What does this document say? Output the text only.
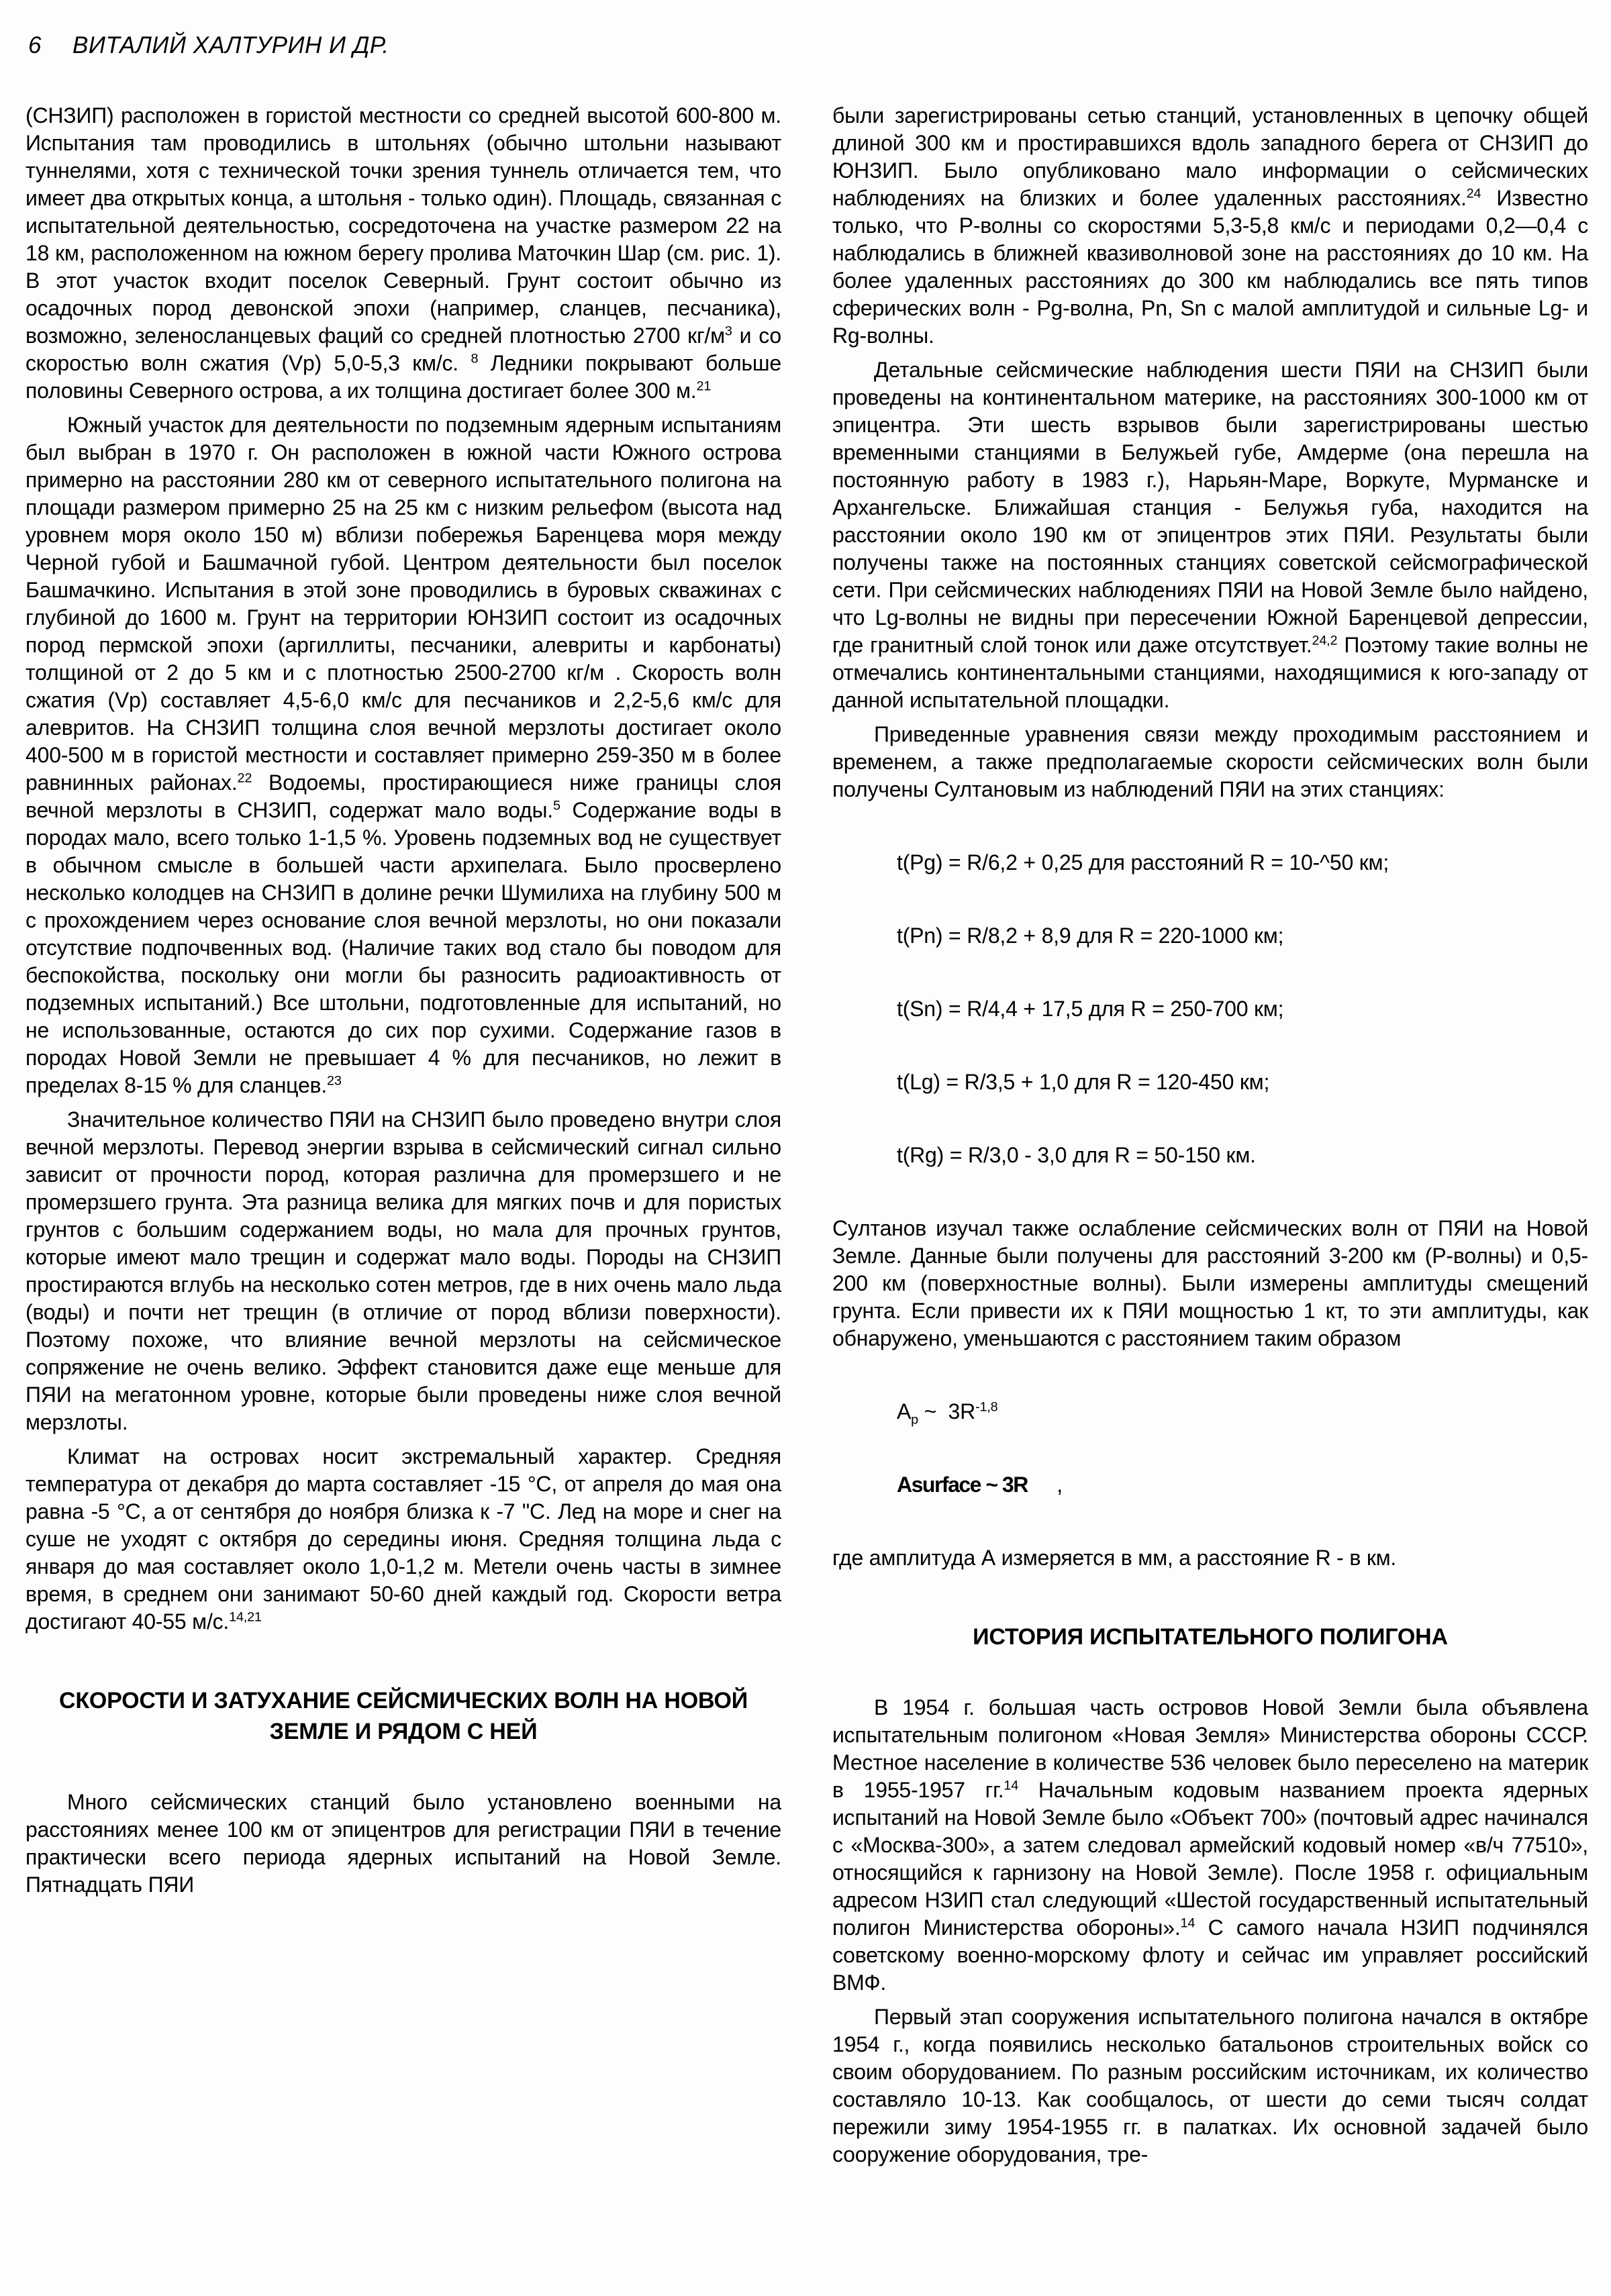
6 ВИТАЛИЙ ХАЛТУРИН И ДР.

(СНЗИП) расположен в гористой местности со средней высотой 600-800 м. Испытания там проводились в штольнях (обычно штольни называют туннелями, хотя с технической точки зрения туннель отличается тем, что имеет два открытых конца, а штольня - только один). Площадь, связанная с испытательной деятельностью, сосредоточена на участке размером 22 на 18 км, расположенном на южном берегу пролива Маточкин Шар (см. рис. 1). В этот участок входит поселок Северный. Грунт состоит обычно из осадочных пород девонской эпохи (например, сланцев, песчаника), возможно, зеленосланцевых фаций со средней плотностью 2700 $кг/м^3$ и со скоростью волн сжатия (Vp) 5,0-5,3 км/с. $^8$ Ледники покрывают больше половины Северного острова, а их толщина достигает более 300 м.$^{21}$

Южный участок для деятельности по подземным ядерным испытаниям был выбран в 1970 г. Он расположен в южной части Южного острова примерно на расстоянии 280 км от северного испытательного полигона на площади размером примерно 25 на 25 км с низким рельефом (высота над уровнем моря около 150 м) вблизи побережья Баренцева моря между Черной губой и Башмачной губой. Центром деятельности был поселок Башмачкино. Испытания в этой зоне проводились в буровых скважинах с глубиной до 1600 м. Грунт на территории ЮНЗИП состоит из осадочных пород пермской эпохи (аргиллиты, песчаники, алевриты и карбонаты) толщиной от 2 до 5 км и с плотностью 2500-2700 кг/м . Скорость волн сжатия (Vp) составляет 4,5-6,0 км/с для песчаников и 2,2-5,6 км/с для алевритов. На СНЗИП толщина слоя вечной мерзлоты достигает около 400-500 м в гористой местности и составляет примерно 259-350 м в более равнинных районах.$^{22}$ Водоемы, простирающиеся ниже границы слоя вечной мерзлоты в СНЗИП, содержат мало воды.$^5$ Содержание воды в породах мало, всего только 1-1,5 %. Уровень подземных вод не существует в обычном смысле в большей части архипелага. Было просверлено несколько колодцев на СНЗИП в долине речки Шумилиха на глубину 500 м с прохождением через основание слоя вечной мерзлоты, но они показали отсутствие подпочвенных вод. (Наличие таких вод стало бы поводом для беспокойства, поскольку они могли бы разносить радиоактивность от подземных испытаний.) Все штольни, подготовленные для испытаний, но не использованные, остаются до сих пор сухими. Содержание газов в породах Новой Земли не превышает 4 % для песчаников, но лежит в пределах 8-15 % для сланцев.$^{23}$

Значительное количество ПЯИ на СНЗИП было проведено внутри слоя вечной мерзлоты. Перевод энергии взрыва в сейсмический сигнал сильно зависит от прочности пород, которая различна для промерзшего и не промерзшего грунта. Эта разница велика для мягких почв и для пористых грунтов с большим содержанием воды, но мала для прочных грунтов, которые имеют мало трещин и содержат мало воды. Породы на СНЗИП простираются вглубь на несколько сотен метров, где в них очень мало льда (воды) и почти нет трещин (в отличие от пород вблизи поверхности). Поэтому похоже, что влияние вечной мерзлоты на сейсмическое сопряжение не очень велико. Эффект становится даже еще меньше для ПЯИ на мегатонном уровне, которые были проведены ниже слоя вечной мерзлоты.

Климат на островах носит экстремальный характер. Средняя температура от декабря до марта составляет -15 °С, от апреля до мая она равна -5 °С, а от сентября до ноября близка к -7 "С. Лед на море и снег на суше не уходят с октября до середины июня. Средняя толщина льда с января до мая составляет около 1,0-1,2 м. Метели очень часты в зимнее время, в среднем они занимают 50-60 дней каждый год. Скорости ветра достигают 40-55 м/с.$^{14,21}$

СКОРОСТИ И ЗАТУХАНИЕ СЕЙСМИЧЕСКИХ ВОЛН НА НОВОЙ ЗЕМЛЕ И РЯДОМ С НЕЙ

Много сейсмических станций было установлено военными на расстояниях менее 100 км от эпицентров для регистрации ПЯИ в течение практически всего периода ядерных испытаний на Новой Земле. Пятнадцать ПЯИ

были зарегистрированы сетью станций, установленных в цепочку общей длиной 300 км и простиравшихся вдоль западного берега от СНЗИП до ЮНЗИП. Было опубликовано мало информации о сейсмических наблюдениях на близких и более удаленных расстояниях.$^{24}$ Известно только, что Р-волны со скоростями 5,3-5,8 км/с и периодами 0,2—0,4 с наблюдались в ближней квазиволновой зоне на расстояниях до 10 км. На более удаленных расстояниях до 300 км наблюдались все пять типов сферических волн - Pg-волна, Pn, Sn с малой амплитудой и сильные Lg- и Rg-волны.

Детальные сейсмические наблюдения шести ПЯИ на СНЗИП были проведены на континентальном материке, на расстояниях 300-1000 км от эпицентра. Эти шесть взрывов были зарегистрированы шестью временными станциями в Белужьей губе, Амдерме (она перешла на постоянную работу в 1983 г.), Нарьян-Маре, Воркуте, Мурманске и Архангельске. Ближайшая станция - Белужья губа, находится на расстоянии около 190 км от эпицентров этих ПЯИ. Результаты были получены также на постоянных станциях советской сейсмографической сети. При сейсмических наблюдениях ПЯИ на Новой Земле было найдено, что Lg-волны не видны при пересечении Южной Баренцевой депрессии, где гранитный слой тонок или даже отсутствует.$^{24,2}$ Поэтому такие волны не отмечались континентальными станциями, находящимися к юго-западу от данной испытательной площадки.

Приведенные уравнения связи между проходимым расстоянием и временем, а также предполагаемые скорости сейсмических волн были получены Султановым из наблюдений ПЯИ на этих станциях:

t(Pg) = R/6,2 + 0,25 для расстояний R = 10-^50 км;
t(Pn) = R/8,2 + 8,9 для R = 220-1000 км;
t(Sn) = R/4,4 + 17,5 для R = 250-700 км;
t(Lg) = R/3,5 + 1,0 для R = 120-450 км;
t(Rg) = R/3,0 - 3,0 для R = 50-150 км.

Султанов изучал также ослабление сейсмических волн от ПЯИ на Новой Земле. Данные были получены для расстояний 3-200 км (Р-волны) и 0,5-200 км (поверхностные волны). Были измерены амплитуды смещений грунта. Если привести их к ПЯИ мощностью 1 кт, то эти амплитуды, как обнаружено, уменьшаются с расстоянием таким образом

$A_p$ ~  $3R^{-1,8}$
Asurface ~ 3R     ,

где амплитуда А измеряется в мм, а расстояние R - в км.

ИСТОРИЯ ИСПЫТАТЕЛЬНОГО ПОЛИГОНА

В 1954 г. большая часть островов Новой Земли была объявлена испытательным полигоном «Новая Земля» Министерства обороны СССР. Местное население в количестве 536 человек было переселено на материк в 1955-1957 гг.$^{14}$ Начальным кодовым названием проекта ядерных испытаний на Новой Земле было «Объект 700» (почтовый адрес начинался с «Москва-300», а затем следовал армейский кодовый номер «в/ч 77510», относящийся к гарнизону на Новой Земле). После 1958 г. официальным адресом НЗИП стал следующий «Шестой государственный испытательный полигон Министерства обороны».$^{14}$ С самого начала НЗИП подчинялся советскому военно-морскому флоту и сейчас им управляет российский ВМФ.

Первый этап сооружения испытательного полигона начался в октябре 1954 г., когда появились несколько батальонов строительных войск со своим оборудованием. По разным российским источникам, их количество составляло 10-13. Как сообщалось, от шести до семи тысяч солдат пережили зиму 1954-1955 гг. в палатках. Их основной задачей было сооружение оборудования, тре-
